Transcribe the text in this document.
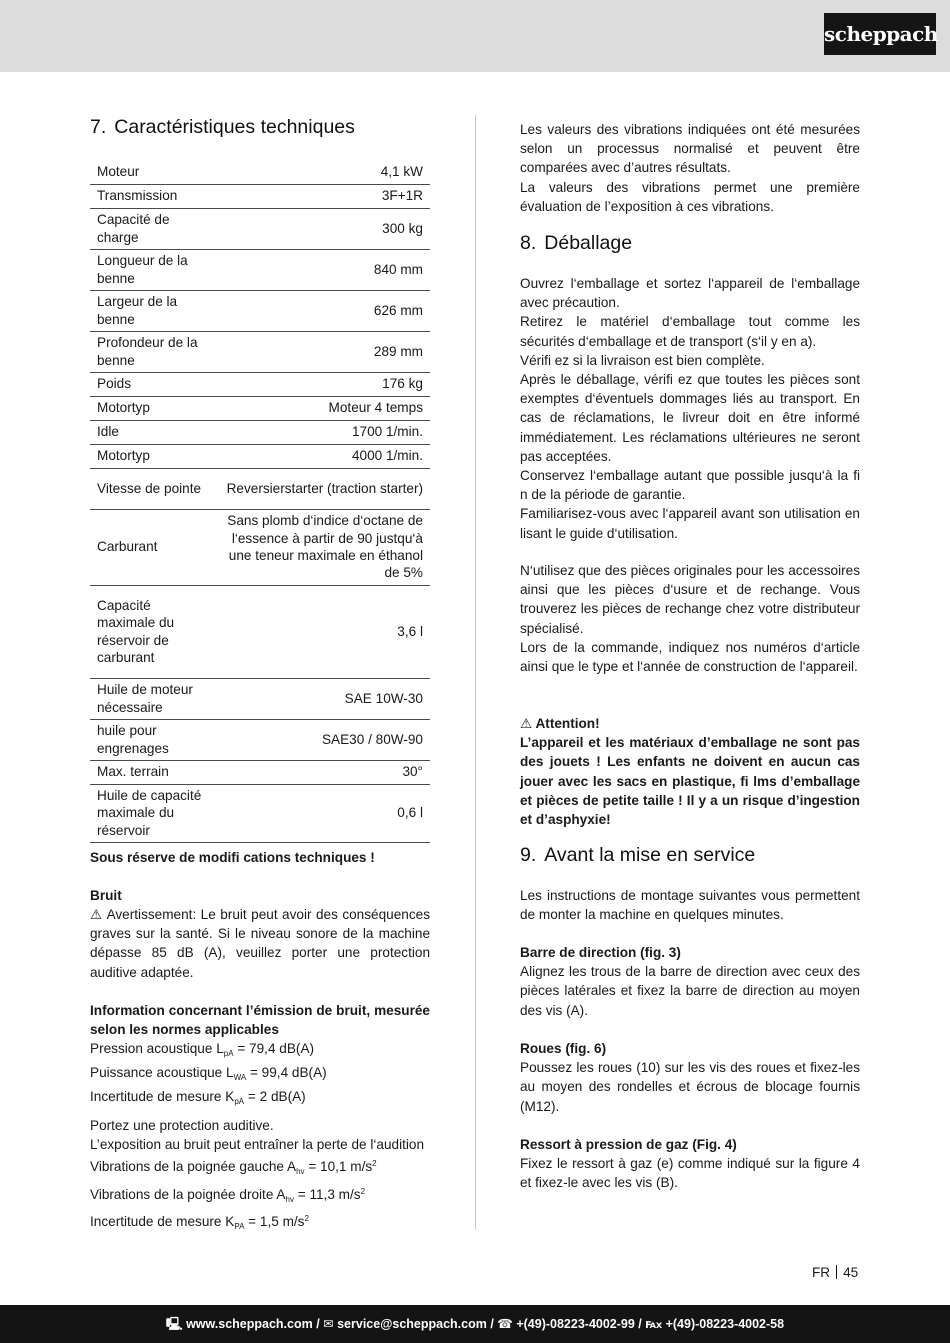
scheppach
7. Caractéristiques techniques
Moteur	4,1 kW
Transmission	3F+1R
Capacité de charge	300 kg
Longueur de la benne	840 mm
Largeur de la benne	626 mm
Profondeur de la benne	289 mm
Poids	176 kg
Motortyp	Moteur 4 temps
Idle	1700 1/min.
Motortyp	4000 1/min.
Vitesse de pointe	Reversierstarter (traction starter)
Carburant	Sans plomb d‘indice d‘octane de l‘essence à partir de 90 justqu‘à une teneur maximale en éthanol de 5%
Capacité maximale du réservoir de carburant	3,6 l
Huile de moteur nécessaire	SAE 10W-30
huile pour engrenages	SAE30 / 80W-90
Max. terrain	30°
Huile de capacité maximale du réservoir	0,6 l

Sous réserve de modifi cations techniques !

Bruit

⚠ Avertissement: Le bruit peut avoir des conséquences graves sur la santé. Si le niveau sonore de la machine dépasse 85 dB (A), veuillez porter une protection auditive adaptée.

Information concernant l’émission de bruit, mesurée selon les normes applicables

Pression acoustique $L_{pA} = 79,4$ dB(A)
Puissance acoustique $L_{WA} = 99,4$ dB(A)
Incertitude de mesure $K_{pA} = 2$ dB(A)
Portez une protection auditive.
L’exposition au bruit peut entraîner la perte de l‘audition
Vibrations de la poignée gauche $A_{hv} = 10,1$ $m/s^2$
Vibrations de la poignée droite $A_{hv} = 11,3$ $m/s^2$
Incertitude de mesure $K_{PA} = 1,5$ $m/s^2$

Les valeurs des vibrations indiquées ont été mesurées selon un processus normalisé et peuvent être comparées avec d’autres résultats.
La valeurs des vibrations permet une première évaluation de l’exposition à ces vibrations.

8. Déballage

Ouvrez l‘emballage et sortez l‘appareil de l‘emballage avec précaution.
Retirez le matériel d‘emballage tout comme les sécurités d‘emballage et de transport (s‘il y en a).
Vérifi ez si la livraison est bien complète.
Après le déballage, vérifi ez que toutes les pièces sont exemptes d‘éventuels dommages liés au transport. En cas de réclamations, le livreur doit en être informé immédiatement. Les réclamations ultérieures ne seront pas acceptées.
Conservez l‘emballage autant que possible jusqu‘à la fi n de la période de garantie.
Familiarisez-vous avec l‘appareil avant son utilisation en lisant le guide d‘utilisation.

N‘utilisez que des pièces originales pour les accessoires ainsi que les pièces d‘usure et de rechange. Vous trouverez les pièces de rechange chez votre distributeur spécialisé.
Lors de la commande, indiquez nos numéros d‘article ainsi que le type et l‘année de construction de l‘appareil.

⚠ Attention!
L’appareil et les matériaux d’emballage ne sont pas des jouets ! Les enfants ne doivent en aucun cas jouer avec les sacs en plastique, fi lms d’emballage et pièces de petite taille ! Il y a un risque d’ingestion et d’asphyxie!
9. Avant la mise en service

Les instructions de montage suivantes vous permettent de monter la machine en quelques minutes.

Barre de direction (fig. 3)
Alignez les trous de la barre de direction avec ceux des pièces latérales et fixez la barre de direction au moyen des vis (A).
Roues (fig. 6)
Poussez les roues (10) sur les vis des roues et fixez-les au moyen des rondelles et écrous de blocage fournis (M12).
Ressort à pression de gaz (Fig. 4)
Fixez le ressort à gaz (e) comme indiqué sur la figure 4 et fixez-le avec les vis (B).
FR 45
🖳 www.scheppach.com / ✉ service@scheppach.com / ☎ +(49)-08223-4002-99 / ℻ +(49)-08223-4002-58
